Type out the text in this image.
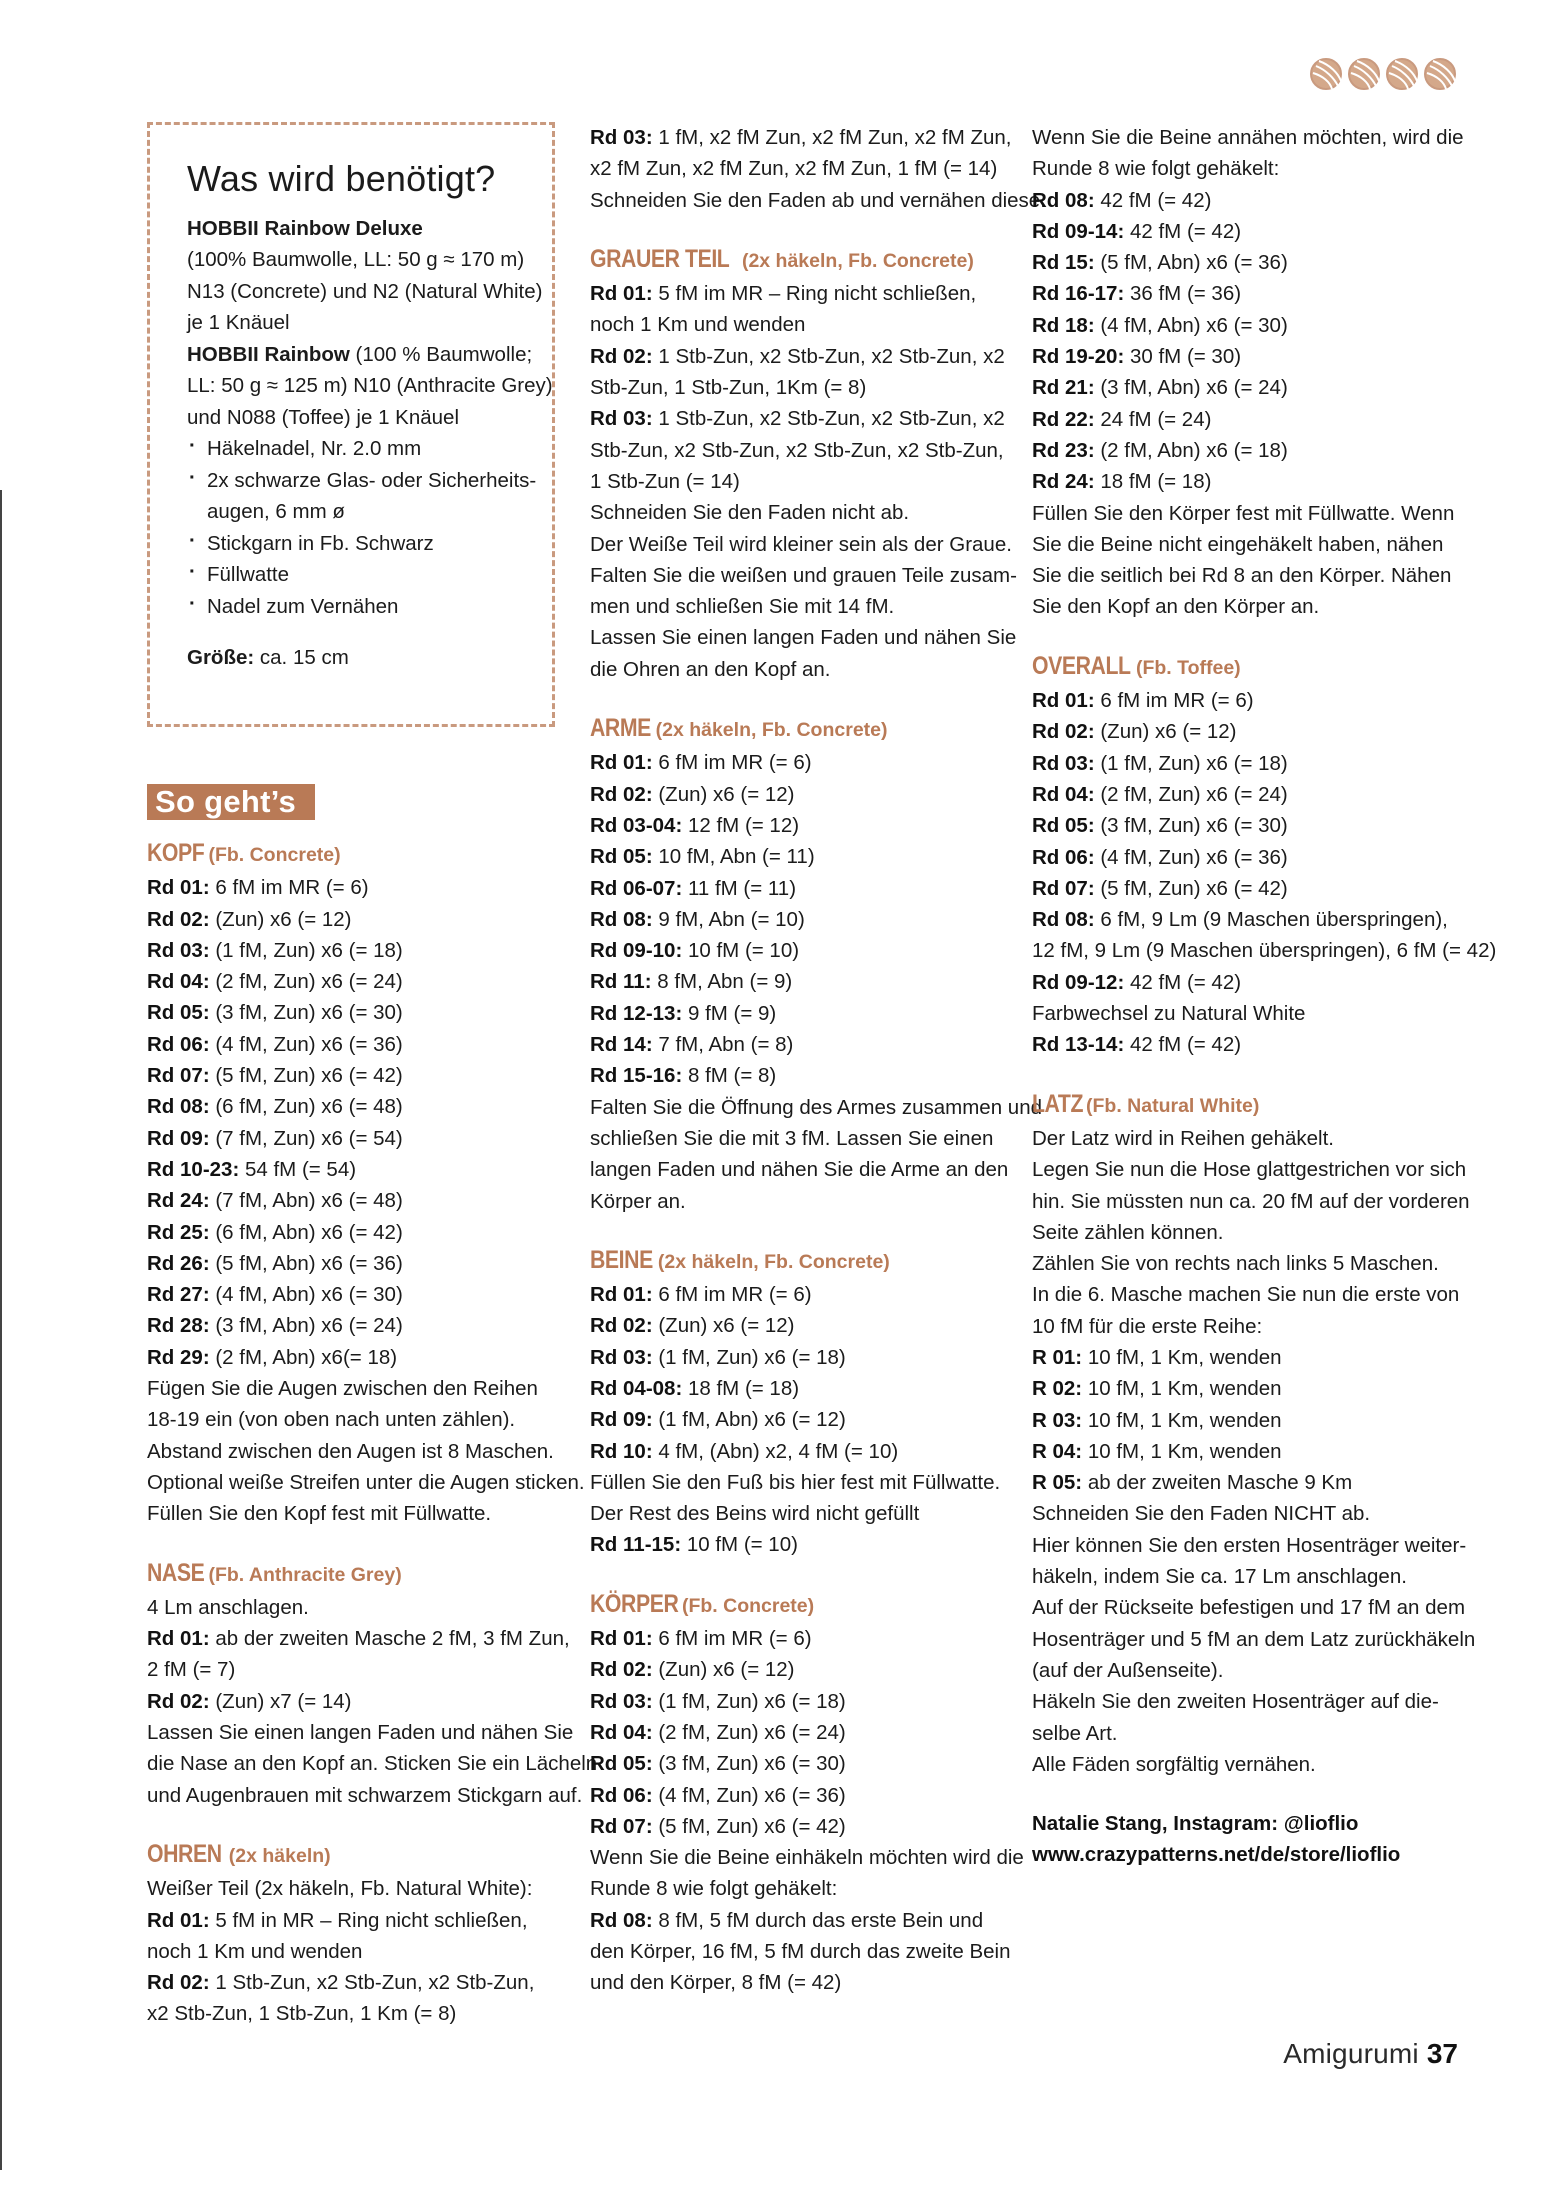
Was wird benötigt?
HOBBII Rainbow Deluxe
(100% Baumwolle, LL: 50 g ≈ 170 m)
N13 (Concrete) und N2 (Natural White)
je 1 Knäuel
HOBBII Rainbow (100 % Baumwolle;
LL: 50 g ≈ 125 m) N10 (Anthracite Grey)
und N088 (Toffee) je 1 Knäuel
· Häkelnadel, Nr. 2.0 mm
· 2x schwarze Glas- oder Sicherheits-
augen, 6 mm ø
· Stickgarn in Fb. Schwarz
· Füllwatte
· Nadel zum Vernähen
Größe: ca. 15 cm
So geht’s
KOPF (Fb. Concrete)
Rd 01: 6 fM im MR (= 6)
Rd 02: (Zun) x6 (= 12)
Rd 03: (1 fM, Zun) x6 (= 18)
Rd 04: (2 fM, Zun) x6 (= 24)
Rd 05: (3 fM, Zun) x6 (= 30)
Rd 06: (4 fM, Zun) x6 (= 36)
Rd 07: (5 fM, Zun) x6 (= 42)
Rd 08: (6 fM, Zun) x6 (= 48)
Rd 09: (7 fM, Zun) x6 (= 54)
Rd 10-23: 54 fM (= 54)
Rd 24: (7 fM, Abn) x6 (= 48)
Rd 25: (6 fM, Abn) x6 (= 42)
Rd 26: (5 fM, Abn) x6 (= 36)
Rd 27: (4 fM, Abn) x6 (= 30)
Rd 28: (3 fM, Abn) x6 (= 24)
Rd 29: (2 fM, Abn) x6(= 18)
Fügen Sie die Augen zwischen den Reihen
18-19 ein (von oben nach unten zählen).
Abstand zwischen den Augen ist 8 Maschen.
Optional weiße Streifen unter die Augen sticken.
Füllen Sie den Kopf fest mit Füllwatte.
NASE (Fb. Anthracite Grey)
4 Lm anschlagen.
Rd 01: ab der zweiten Masche 2 fM, 3 fM Zun,
2 fM (= 7)
Rd 02: (Zun) x7 (= 14)
Lassen Sie einen langen Faden und nähen Sie
die Nase an den Kopf an. Sticken Sie ein Lächeln
und Augenbrauen mit schwarzem Stickgarn auf.
OHREN (2x häkeln)
Weißer Teil (2x häkeln, Fb. Natural White):
Rd 01: 5 fM in MR – Ring nicht schließen,
noch 1 Km und wenden
Rd 02: 1 Stb-Zun, x2 Stb-Zun, x2 Stb-Zun,
x2 Stb-Zun, 1 Stb-Zun, 1 Km (= 8)
Rd 03: 1 fM, x2 fM Zun, x2 fM Zun, x2 fM Zun,
x2 fM Zun, x2 fM Zun, x2 fM Zun, 1 fM (= 14)
Schneiden Sie den Faden ab und vernähen diese.
GRAUER TEIL (2x häkeln, Fb. Concrete)
Rd 01: 5 fM im MR – Ring nicht schließen,
noch 1 Km und wenden
Rd 02: 1 Stb-Zun, x2 Stb-Zun, x2 Stb-Zun, x2
Stb-Zun, 1 Stb-Zun, 1Km (= 8)
Rd 03: 1 Stb-Zun, x2 Stb-Zun, x2 Stb-Zun, x2
Stb-Zun, x2 Stb-Zun, x2 Stb-Zun, x2 Stb-Zun,
1 Stb-Zun (= 14)
Schneiden Sie den Faden nicht ab.
Der Weiße Teil wird kleiner sein als der Graue.
Falten Sie die weißen und grauen Teile zusam-
men und schließen Sie mit 14 fM.
Lassen Sie einen langen Faden und nähen Sie
die Ohren an den Kopf an.
ARME (2x häkeln, Fb. Concrete)
Rd 01: 6 fM im MR (= 6)
Rd 02: (Zun) x6 (= 12)
Rd 03-04: 12 fM (= 12)
Rd 05: 10 fM, Abn (= 11)
Rd 06-07: 11 fM (= 11)
Rd 08: 9 fM, Abn (= 10)
Rd 09-10: 10 fM (= 10)
Rd 11: 8 fM, Abn (= 9)
Rd 12-13: 9 fM (= 9)
Rd 14: 7 fM, Abn (= 8)
Rd 15-16: 8 fM (= 8)
Falten Sie die Öffnung des Armes zusammen und
schließen Sie die mit 3 fM. Lassen Sie einen
langen Faden und nähen Sie die Arme an den
Körper an.
BEINE (2x häkeln, Fb. Concrete)
Rd 01: 6 fM im MR (= 6)
Rd 02: (Zun) x6 (= 12)
Rd 03: (1 fM, Zun) x6 (= 18)
Rd 04-08: 18 fM (= 18)
Rd 09: (1 fM, Abn) x6 (= 12)
Rd 10: 4 fM, (Abn) x2, 4 fM (= 10)
Füllen Sie den Fuß bis hier fest mit Füllwatte.
Der Rest des Beins wird nicht gefüllt
Rd 11-15: 10 fM (= 10)
KÖRPER (Fb. Concrete)
Rd 01: 6 fM im MR (= 6)
Rd 02: (Zun) x6 (= 12)
Rd 03: (1 fM, Zun) x6 (= 18)
Rd 04: (2 fM, Zun) x6 (= 24)
Rd 05: (3 fM, Zun) x6 (= 30)
Rd 06: (4 fM, Zun) x6 (= 36)
Rd 07: (5 fM, Zun) x6 (= 42)
Wenn Sie die Beine einhäkeln möchten wird die
Runde 8 wie folgt gehäkelt:
Rd 08: 8 fM, 5 fM durch das erste Bein und
den Körper, 16 fM, 5 fM durch das zweite Bein
und den Körper, 8 fM (= 42)
Wenn Sie die Beine annähen möchten, wird die
Runde 8 wie folgt gehäkelt:
Rd 08: 42 fM (= 42)
Rd 09-14: 42 fM (= 42)
Rd 15: (5 fM, Abn) x6 (= 36)
Rd 16-17: 36 fM (= 36)
Rd 18: (4 fM, Abn) x6 (= 30)
Rd 19-20: 30 fM (= 30)
Rd 21: (3 fM, Abn) x6 (= 24)
Rd 22: 24 fM (= 24)
Rd 23: (2 fM, Abn) x6 (= 18)
Rd 24: 18 fM (= 18)
Füllen Sie den Körper fest mit Füllwatte. Wenn
Sie die Beine nicht eingehäkelt haben, nähen
Sie die seitlich bei Rd 8 an den Körper. Nähen
Sie den Kopf an den Körper an.
OVERALL (Fb. Toffee)
Rd 01: 6 fM im MR (= 6)
Rd 02: (Zun) x6 (= 12)
Rd 03: (1 fM, Zun) x6 (= 18)
Rd 04: (2 fM, Zun) x6 (= 24)
Rd 05: (3 fM, Zun) x6 (= 30)
Rd 06: (4 fM, Zun) x6 (= 36)
Rd 07: (5 fM, Zun) x6 (= 42)
Rd 08: 6 fM, 9 Lm (9 Maschen überspringen),
12 fM, 9 Lm (9 Maschen überspringen), 6 fM (= 42)
Rd 09-12: 42 fM (= 42)
Farbwechsel zu Natural White
Rd 13-14: 42 fM (= 42)
LATZ (Fb. Natural White)
Der Latz wird in Reihen gehäkelt.
Legen Sie nun die Hose glattgestrichen vor sich
hin. Sie müssten nun ca. 20 fM auf der vorderen
Seite zählen können.
Zählen Sie von rechts nach links 5 Maschen.
In die 6. Masche machen Sie nun die erste von
10 fM für die erste Reihe:
R 01: 10 fM, 1 Km, wenden
R 02: 10 fM, 1 Km, wenden
R 03: 10 fM, 1 Km, wenden
R 04: 10 fM, 1 Km, wenden
R 05: ab der zweiten Masche 9 Km
Schneiden Sie den Faden NICHT ab.
Hier können Sie den ersten Hosenträger weiter-
häkeln, indem Sie ca. 17 Lm anschlagen.
Auf der Rückseite befestigen und 17 fM an dem
Hosenträger und 5 fM an dem Latz zurückhäkeln
(auf der Außenseite).
Häkeln Sie den zweiten Hosenträger auf die-
selbe Art.
Alle Fäden sorgfältig vernähen.
Natalie Stang, Instagram: @lioflio
www.crazypatterns.net/de/store/lioflio
Amigurumi 37
